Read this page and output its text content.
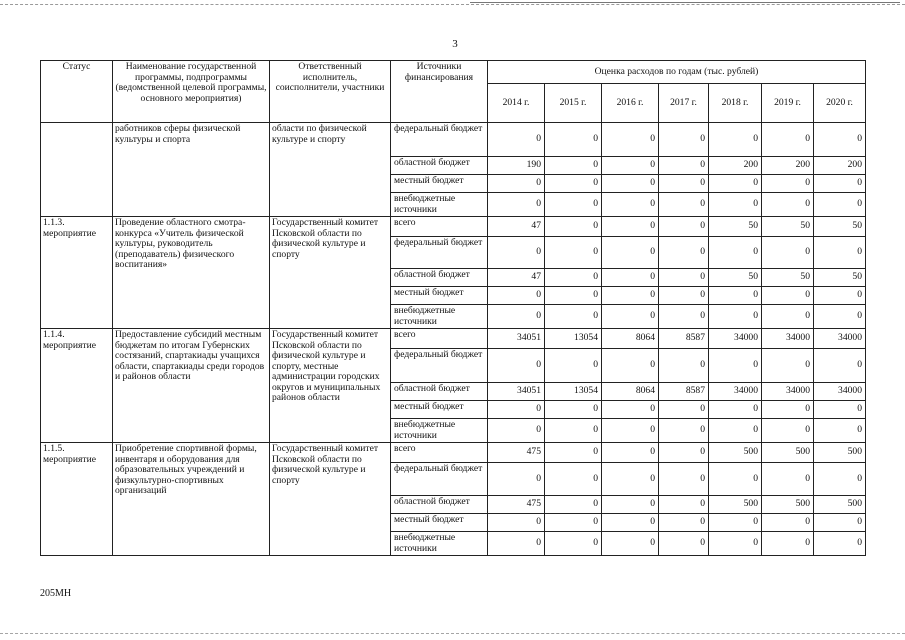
3
Статус	Наименование государственной программы, подпрограммы (ведомственной целевой программы, основного мероприятия)	Ответственный исполнитель, соисполнители, участники	Источники финансирования	Оценка расходов по годам (тыс. рублей)						
				2014 г.	2015 г.	2016 г.	2017 г.	2018 г.	2019 г.	2020 г.
	работников сферы физической культуры и спорта	области по физической культуре и спорту	федеральный бюджет	0	0	0	0	0	0	0
			областной бюджет	190	0	0	0	200	200	200
			местный бюджет	0	0	0	0	0	0	0
			внебюджетные источники	0	0	0	0	0	0	0
1.1.3. мероприятие	Проведение областного смотра-конкурса «Учитель физической культуры, руководитель (преподаватель) физического воспитания»	Государственный комитет Псковской области по физической культуре и спорту	всего	47	0	0	0	50	50	50
			федеральный бюджет	0	0	0	0	0	0	0
			областной бюджет	47	0	0	0	50	50	50
			местный бюджет	0	0	0	0	0	0	0
			внебюджетные источники	0	0	0	0	0	0	0
1.1.4. мероприятие	Предоставление субсидий местным бюджетам по итогам Губернских состязаний, спартакиады учащихся области, спартакиады среди городов и районов области	Государственный комитет Псковской области по физической культуре и спорту, местные администрации городских округов и муниципальных районов области	всего	34051	13054	8064	8587	34000	34000	34000
			федеральный бюджет	0	0	0	0	0	0	0
			областной бюджет	34051	13054	8064	8587	34000	34000	34000
			местный бюджет	0	0	0	0	0	0	0
			внебюджетные источники	0	0	0	0	0	0	0
1.1.5. мероприятие	Приобретение спортивной формы, инвентаря и оборудования для образовательных учреждений и физкультурно-спортивных организаций	Государственный комитет Псковской области по физической культуре и спорту	всего	475	0	0	0	500	500	500
			федеральный бюджет	0	0	0	0	0	0	0
			областной бюджет	475	0	0	0	500	500	500
			местный бюджет	0	0	0	0	0	0	0
			внебюджетные источники	0	0	0	0	0	0	0
205МН
